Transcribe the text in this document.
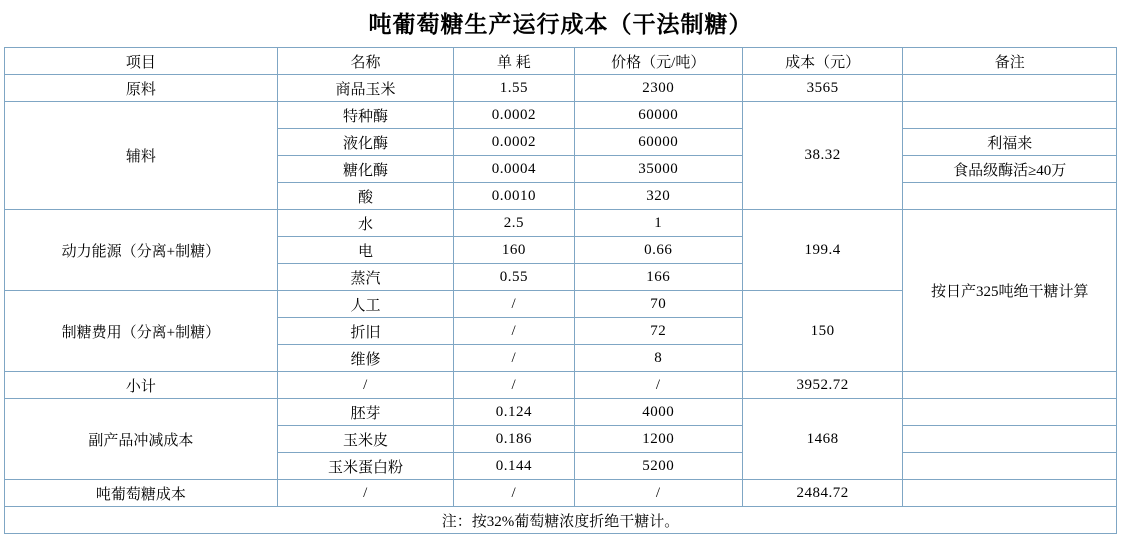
吨葡萄糖生产运行成本（干法制糖）
项目	名称	单 耗	价格（元/吨）	成本（元）	备注
原料	商品玉米	1.55	2300	3565	
辅料	特种酶	0.0002	60000	38.32	
	液化酶	0.0002	60000		利福来
	糖化酶	0.0004	35000		食品级酶活≥40万
	酸	0.0010	320		
动力能源（分离+制糖）	水	2.5	1	199.4	按日产325吨绝干糖计算
	电	160	0.66		
	蒸汽	0.55	166		
制糖费用（分离+制糖）	人工	/	70	150	
	折旧	/	72		
	维修	/	8		
小计	/	/	/	3952.72	
副产品冲减成本	胚芽	0.124	4000	1468	
	玉米皮	0.186	1200		
	玉米蛋白粉	0.144	5200		
吨葡萄糖成本	/	/	/	2484.72	
注：按32%葡萄糖浓度折绝干糖计。					
